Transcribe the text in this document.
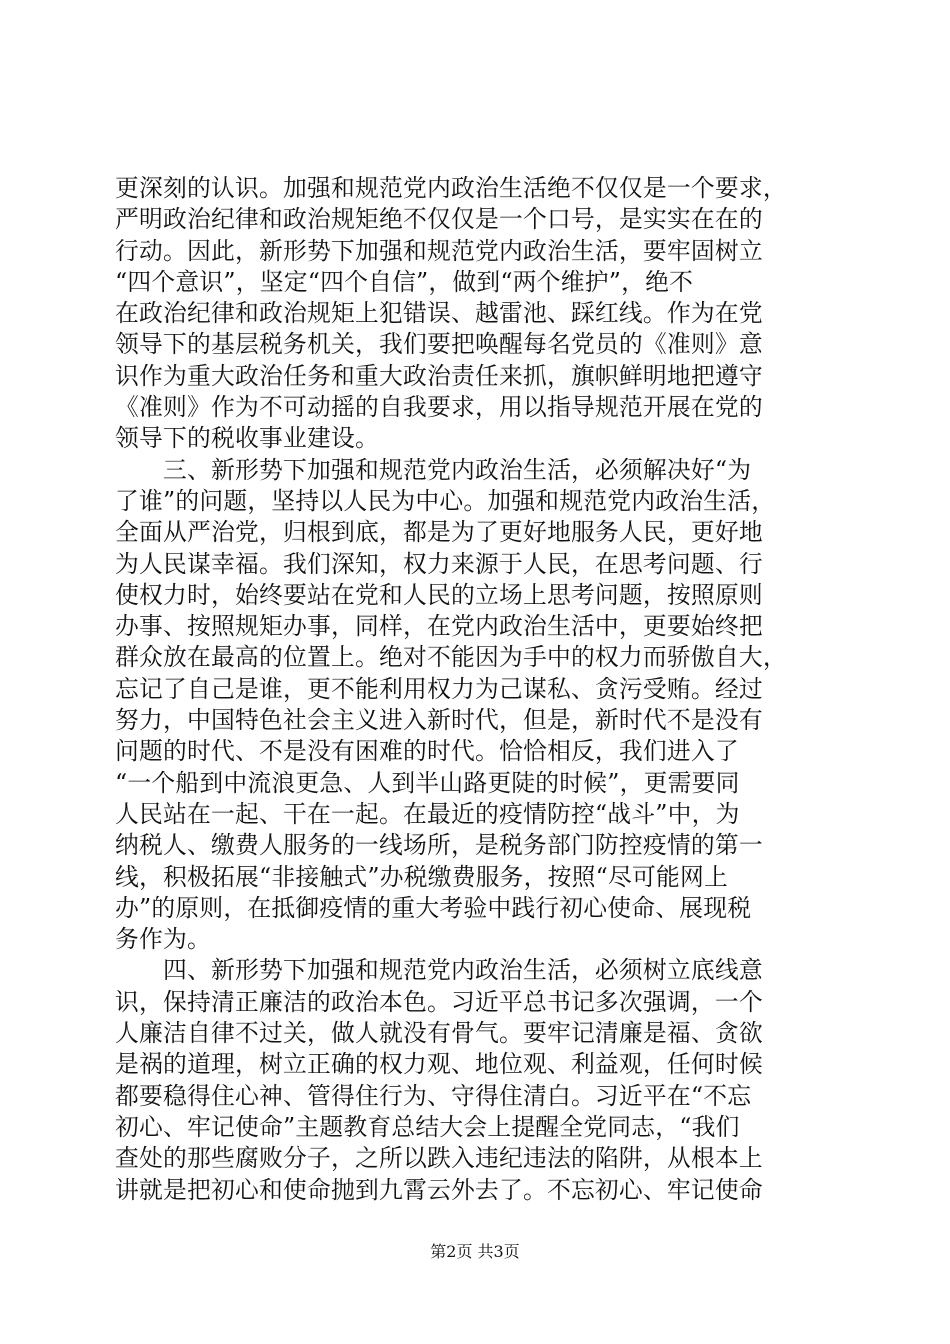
更深刻的认识。加强和规范党内政治生活绝不仅仅是一个要求，
严明政治纪律和政治规矩绝不仅仅是一个口号，是实实在在的
行动。因此，新形势下加强和规范党内政治生活，要牢固树立
“四个意识”，坚定“四个自信”，做到“两个维护”，绝不
在政治纪律和政治规矩上犯错误、越雷池、踩红线。作为在党
领导下的基层税务机关，我们要把唤醒每名党员的《准则》意
识作为重大政治任务和重大政治责任来抓，旗帜鲜明地把遵守
《准则》作为不可动摇的自我要求，用以指导规范开展在党的
领导下的税收事业建设。
　　三、新形势下加强和规范党内政治生活，必须解决好“为
了谁”的问题，坚持以人民为中心。加强和规范党内政治生活，
全面从严治党，归根到底，都是为了更好地服务人民，更好地
为人民谋幸福。我们深知，权力来源于人民，在思考问题、行
使权力时，始终要站在党和人民的立场上思考问题，按照原则
办事、按照规矩办事，同样，在党内政治生活中，更要始终把
群众放在最高的位置上。绝对不能因为手中的权力而骄傲自大，
忘记了自己是谁，更不能利用权力为己谋私、贪污受贿。经过
努力，中国特色社会主义进入新时代，但是，新时代不是没有
问题的时代、不是没有困难的时代。恰恰相反，我们进入了
“一个船到中流浪更急、人到半山路更陡的时候”，更需要同
人民站在一起、干在一起。在最近的疫情防控“战斗”中，为
纳税人、缴费人服务的一线场所，是税务部门防控疫情的第一
线，积极拓展“非接触式”办税缴费服务，按照“尽可能网上
办”的原则，在抵御疫情的重大考验中践行初心使命、展现税
务作为。
　　四、新形势下加强和规范党内政治生活，必须树立底线意
识，保持清正廉洁的政治本色。习近平总书记多次强调，一个
人廉洁自律不过关，做人就没有骨气。要牢记清廉是福、贪欲
是祸的道理，树立正确的权力观、地位观、利益观，任何时候
都要稳得住心神、管得住行为、守得住清白。习近平在“不忘
初心、牢记使命”主题教育总结大会上提醒全党同志，“我们
查处的那些腐败分子，之所以跌入违纪违法的陷阱，从根本上
讲就是把初心和使命抛到九霄云外去了。不忘初心、牢记使命
第2页 共3页
